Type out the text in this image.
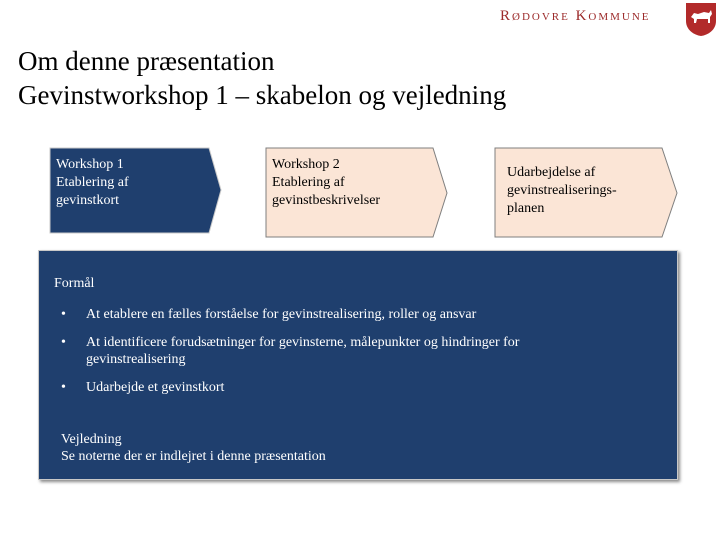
Rødovre Kommune
Om denne præsentation
Gevinstworkshop 1 – skabelon og vejledning
Workshop 1
Etablering af
gevinstkort
Workshop 2
Etablering af
gevinstbeskrivelser
Udarbejdelse af
gevinstrealiserings-
planen
Formål
• At etablere en fælles forståelse for gevinstrealisering, roller og ansvar
• At identificere forudsætninger for gevinsterne, målepunkter og hindringer for gevinstrealisering
• Udarbejde et gevinstkort
Vejledning
Se noterne der er indlejret i denne præsentation
